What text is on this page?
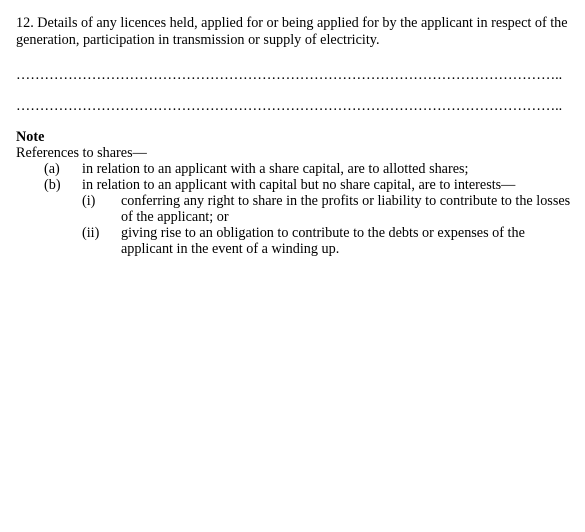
12. Details of any licences held, applied for or being applied for by the applicant in respect of the generation, participation in transmission or supply of electricity.

……………………………………………………………………………………………………..
……………………………………………………………………………………………………..
Note
References to shares—
(a) in relation to an applicant with a share capital, are to allotted shares;
(b) in relation to an applicant with capital but no share capital, are to interests—
(i) conferring any right to share in the profits or liability to contribute to the losses of the applicant; or
(ii) giving rise to an obligation to contribute to the debts or expenses of the applicant in the event of a winding up.
